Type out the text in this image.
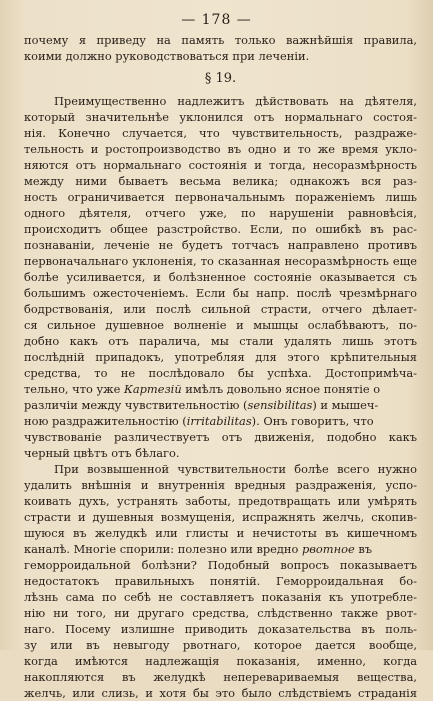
— 178 —
почему я приведу на память только важнѣйшія правила,
коими должно руководствоваться при леченіи.
§ 19.
Преимущественно надлежитъ дѣйствовать на дѣятеля,
который значительнѣе уклонился отъ нормальнаго состоя-
нія. Конечно случается, что чувствительность, раздраже-
тельность и ростопроизводство въ одно и то же время укло-
няются отъ нормальнаго состоянія и тогда, несоразмѣрность
между ними бываетъ весьма велика; однакожъ вся раз-
ность ограничивается первоначальнымъ пораженіемъ лишь
одного дѣятеля, отчего уже, по нарушеніи равновѣсія,
происходитъ общее разстройство. Если, по ошибкѣ въ рас-
познаваніи, леченіе не будетъ тотчасъ направлено противъ
первоначальнаго уклоненія, то сказанная несоразмѣрность еще
болѣе усиливается, и болѣзненное состояніе оказывается съ
большимъ ожесточеніемъ. Если бы напр. послѣ чрезмѣрнаго
бодрствованія, или послѣ сильной страсти, отчего дѣлает-
ся сильное душевное волненіе и мышцы ослабѣваютъ, по-
добно какъ отъ паралича, мы стали удалять лишь этотъ
послѣдній припадокъ, употребляя для этого крѣпительныя
средства, то не послѣдовало бы успѣха. Достопримѣча-
тельно, что уже Картезій имѣлъ довольно ясное понятіе о
различіи между чувствительностію (sensibilitas) и мышеч-
ною раздражительностію (irritabilitas). Онъ говоритъ, что
чувствованіе различествуетъ отъ движенія, подобно какъ
черный цвѣтъ отъ бѣлаго.
При возвышенной чувствительности болѣе всего нужно
удалить внѣшнія и внутреннія вредныя раздраженія, успо-
коивать духъ, устранять заботы, предотвращать или умѣрять
страсти и душевныя возмущенія, испражнять желчь, скопив-
шуюся въ желудкѣ или глисты и нечистоты въ кишечномъ
каналѣ. Многіе спорили: полезно или вредно рвотное въ
геморроидальной болѣзни? Подобный вопросъ показываетъ
недостатокъ правильныхъ понятій. Геморроидальная бо-
лѣзнь сама по себѣ не составляетъ показанія къ употребле-
нію ни того, ни другаго средства, слѣдственно также рвот-
наго. Посему излишне приводить доказательства въ поль-
зу или въ невыгоду рвотнаго, которое дается вообще,
когда имѣются надлежащія показанія, именно, когда
накопляются въ желудкѣ неперевариваемыя вещества,
желчь, или слизь, и хотя бы это было слѣдствіемъ страданія
